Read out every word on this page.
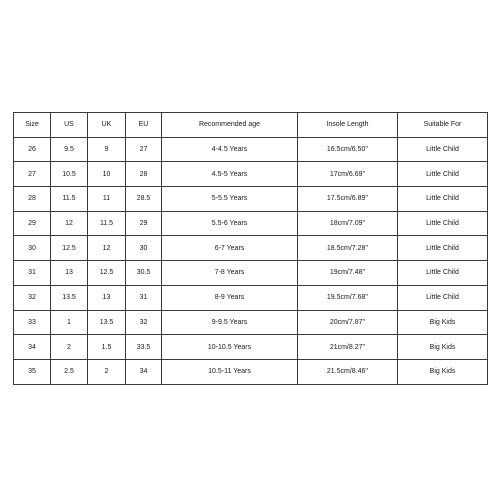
Size	US	UK	EU	Recommended age	Insole Length	Suitable For
26	9.5	9	27	4-4.5 Years	16.5cm/6.50''	Little Child
27	10.5	10	28	4.5-5 Years	17cm/6.69''	Little Child
28	11.5	11	28.5	5-5.5 Years	17.5cm/6.89''	Little Child
29	12	11.5	29	5.5-6 Years	18cm/7.09''	Little Child
30	12.5	12	30	6-7 Years	18.5cm/7.28''	Little Child
31	13	12.5	30.5	7-8 Years	19cm/7.48''	Little Child
32	13.5	13	31	8-9 Years	19.5cm/7.68''	Little Child
33	1	13.5	32	9-9.5 Years	20cm/7.87''	Big Kids
34	2	1.5	33.5	10-10.5 Years	21cm/8.27''	Big Kids
35	2.5	2	34	10.5-11 Years	21.5cm/8.46''	Big Kids
